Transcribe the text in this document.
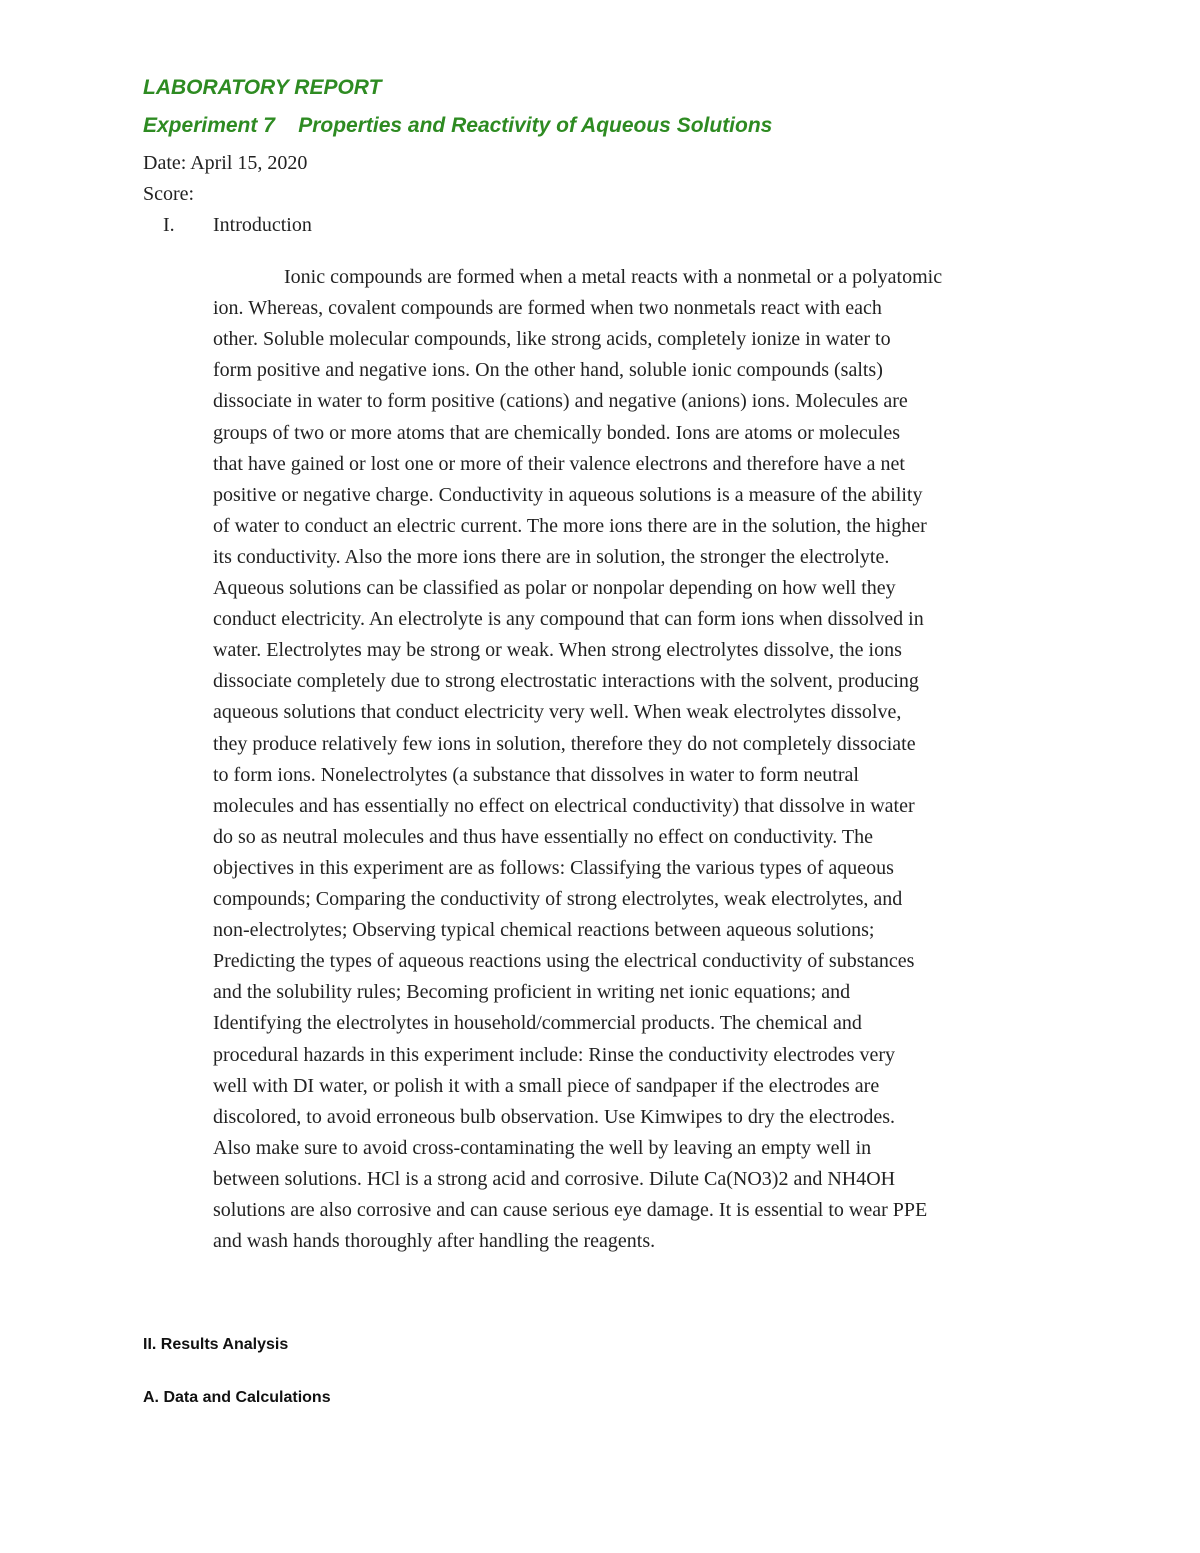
LABORATORY REPORT
Experiment 7    Properties and Reactivity of Aqueous Solutions
Date: April 15, 2020
Score:
I. Introduction
Ionic compounds are formed when a metal reacts with a nonmetal or a polyatomic
ion. Whereas, covalent compounds are formed when two nonmetals react with each
other. Soluble molecular compounds, like strong acids, completely ionize in water to
form positive and negative ions. On the other hand, soluble ionic compounds (salts)
dissociate in water to form positive (cations) and negative (anions) ions. Molecules are
groups of two or more atoms that are chemically bonded. Ions are atoms or molecules
that have gained or lost one or more of their valence electrons and therefore have a net
positive or negative charge. Conductivity in aqueous solutions is a measure of the ability
of water to conduct an electric current. The more ions there are in the solution, the higher
its conductivity. Also the more ions there are in solution, the stronger the electrolyte.
Aqueous solutions can be classified as polar or nonpolar depending on how well they
conduct electricity. An electrolyte is any compound that can form ions when dissolved in
water. Electrolytes may be strong or weak. When strong electrolytes dissolve, the ions
dissociate completely due to strong electrostatic interactions with the solvent, producing
aqueous solutions that conduct electricity very well. When weak electrolytes dissolve,
they produce relatively few ions in solution, therefore they do not completely dissociate
to form ions. Nonelectrolytes (a substance that dissolves in water to form neutral
molecules and has essentially no effect on electrical conductivity) that dissolve in water
do so as neutral molecules and thus have essentially no effect on conductivity. The
objectives in this experiment are as follows: Classifying the various types of aqueous
compounds; Comparing the conductivity of strong electrolytes, weak electrolytes, and
non-electrolytes; Observing typical chemical reactions between aqueous solutions;
Predicting the types of aqueous reactions using the electrical conductivity of substances
and the solubility rules; Becoming proficient in writing net ionic equations; and
Identifying the electrolytes in household/commercial products. The chemical and
procedural hazards in this experiment include: Rinse the conductivity electrodes very
well with DI water, or polish it with a small piece of sandpaper if the electrodes are
discolored, to avoid erroneous bulb observation. Use Kimwipes to dry the electrodes.
Also make sure to avoid cross-contaminating the well by leaving an empty well in
between solutions. HCl is a strong acid and corrosive. Dilute Ca(NO3)2 and NH4OH
solutions are also corrosive and can cause serious eye damage. It is essential to wear PPE
and wash hands thoroughly after handling the reagents.
II. Results Analysis
A. Data and Calculations
